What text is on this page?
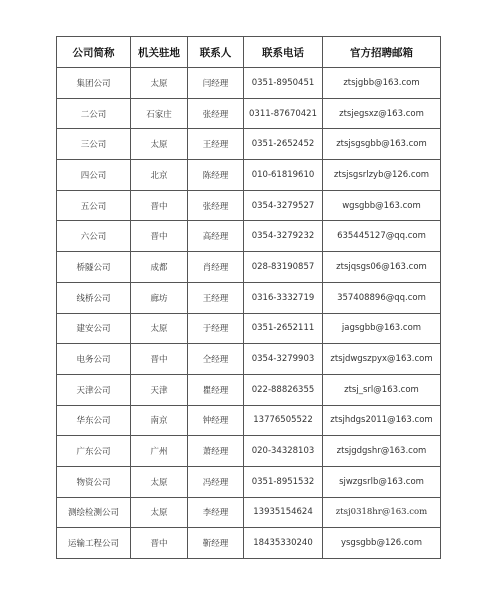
公司简称	机关驻地	联系人	联系电话	官方招聘邮箱
集团公司	太原	闫经理	0351-8950451	ztsjgbb@163.com
二公司	石家庄	张经理	0311-87670421	ztsjegsxz@163.com
三公司	太原	王经理	0351-2652452	ztsjsgsgbb@163.com
四公司	北京	陈经理	010-61819610	ztsjsgsrlzyb@126.com
五公司	晋中	张经理	0354-3279527	wgsgbb@163.com
六公司	晋中	高经理	0354-3279232	635445127@qq.com
桥隧公司	成都	肖经理	028-83190857	ztsjqsgs06@163.com
线桥公司	廊坊	王经理	0316-3332719	357408896@qq.com
建安公司	太原	于经理	0351-2652111	jagsgbb@163.com
电务公司	晋中	仝经理	0354-3279903	ztsjdwgszpyx@163.com
天津公司	天津	瞿经理	022-88826355	ztsj_srl@163.com
华东公司	南京	钟经理	13776505522	ztsjhdgs2011@163.com
广东公司	广州	萧经理	020-34328103	ztsjgdgshr@163.com
物资公司	太原	冯经理	0351-8951532	sjwzgsrlb@163.com
测绘检测公司	太原	李经理	13935154624	ztsj0318hr@163.com
运输工程公司	晋中	靳经理	18435330240	ysgsgbb@126.com
